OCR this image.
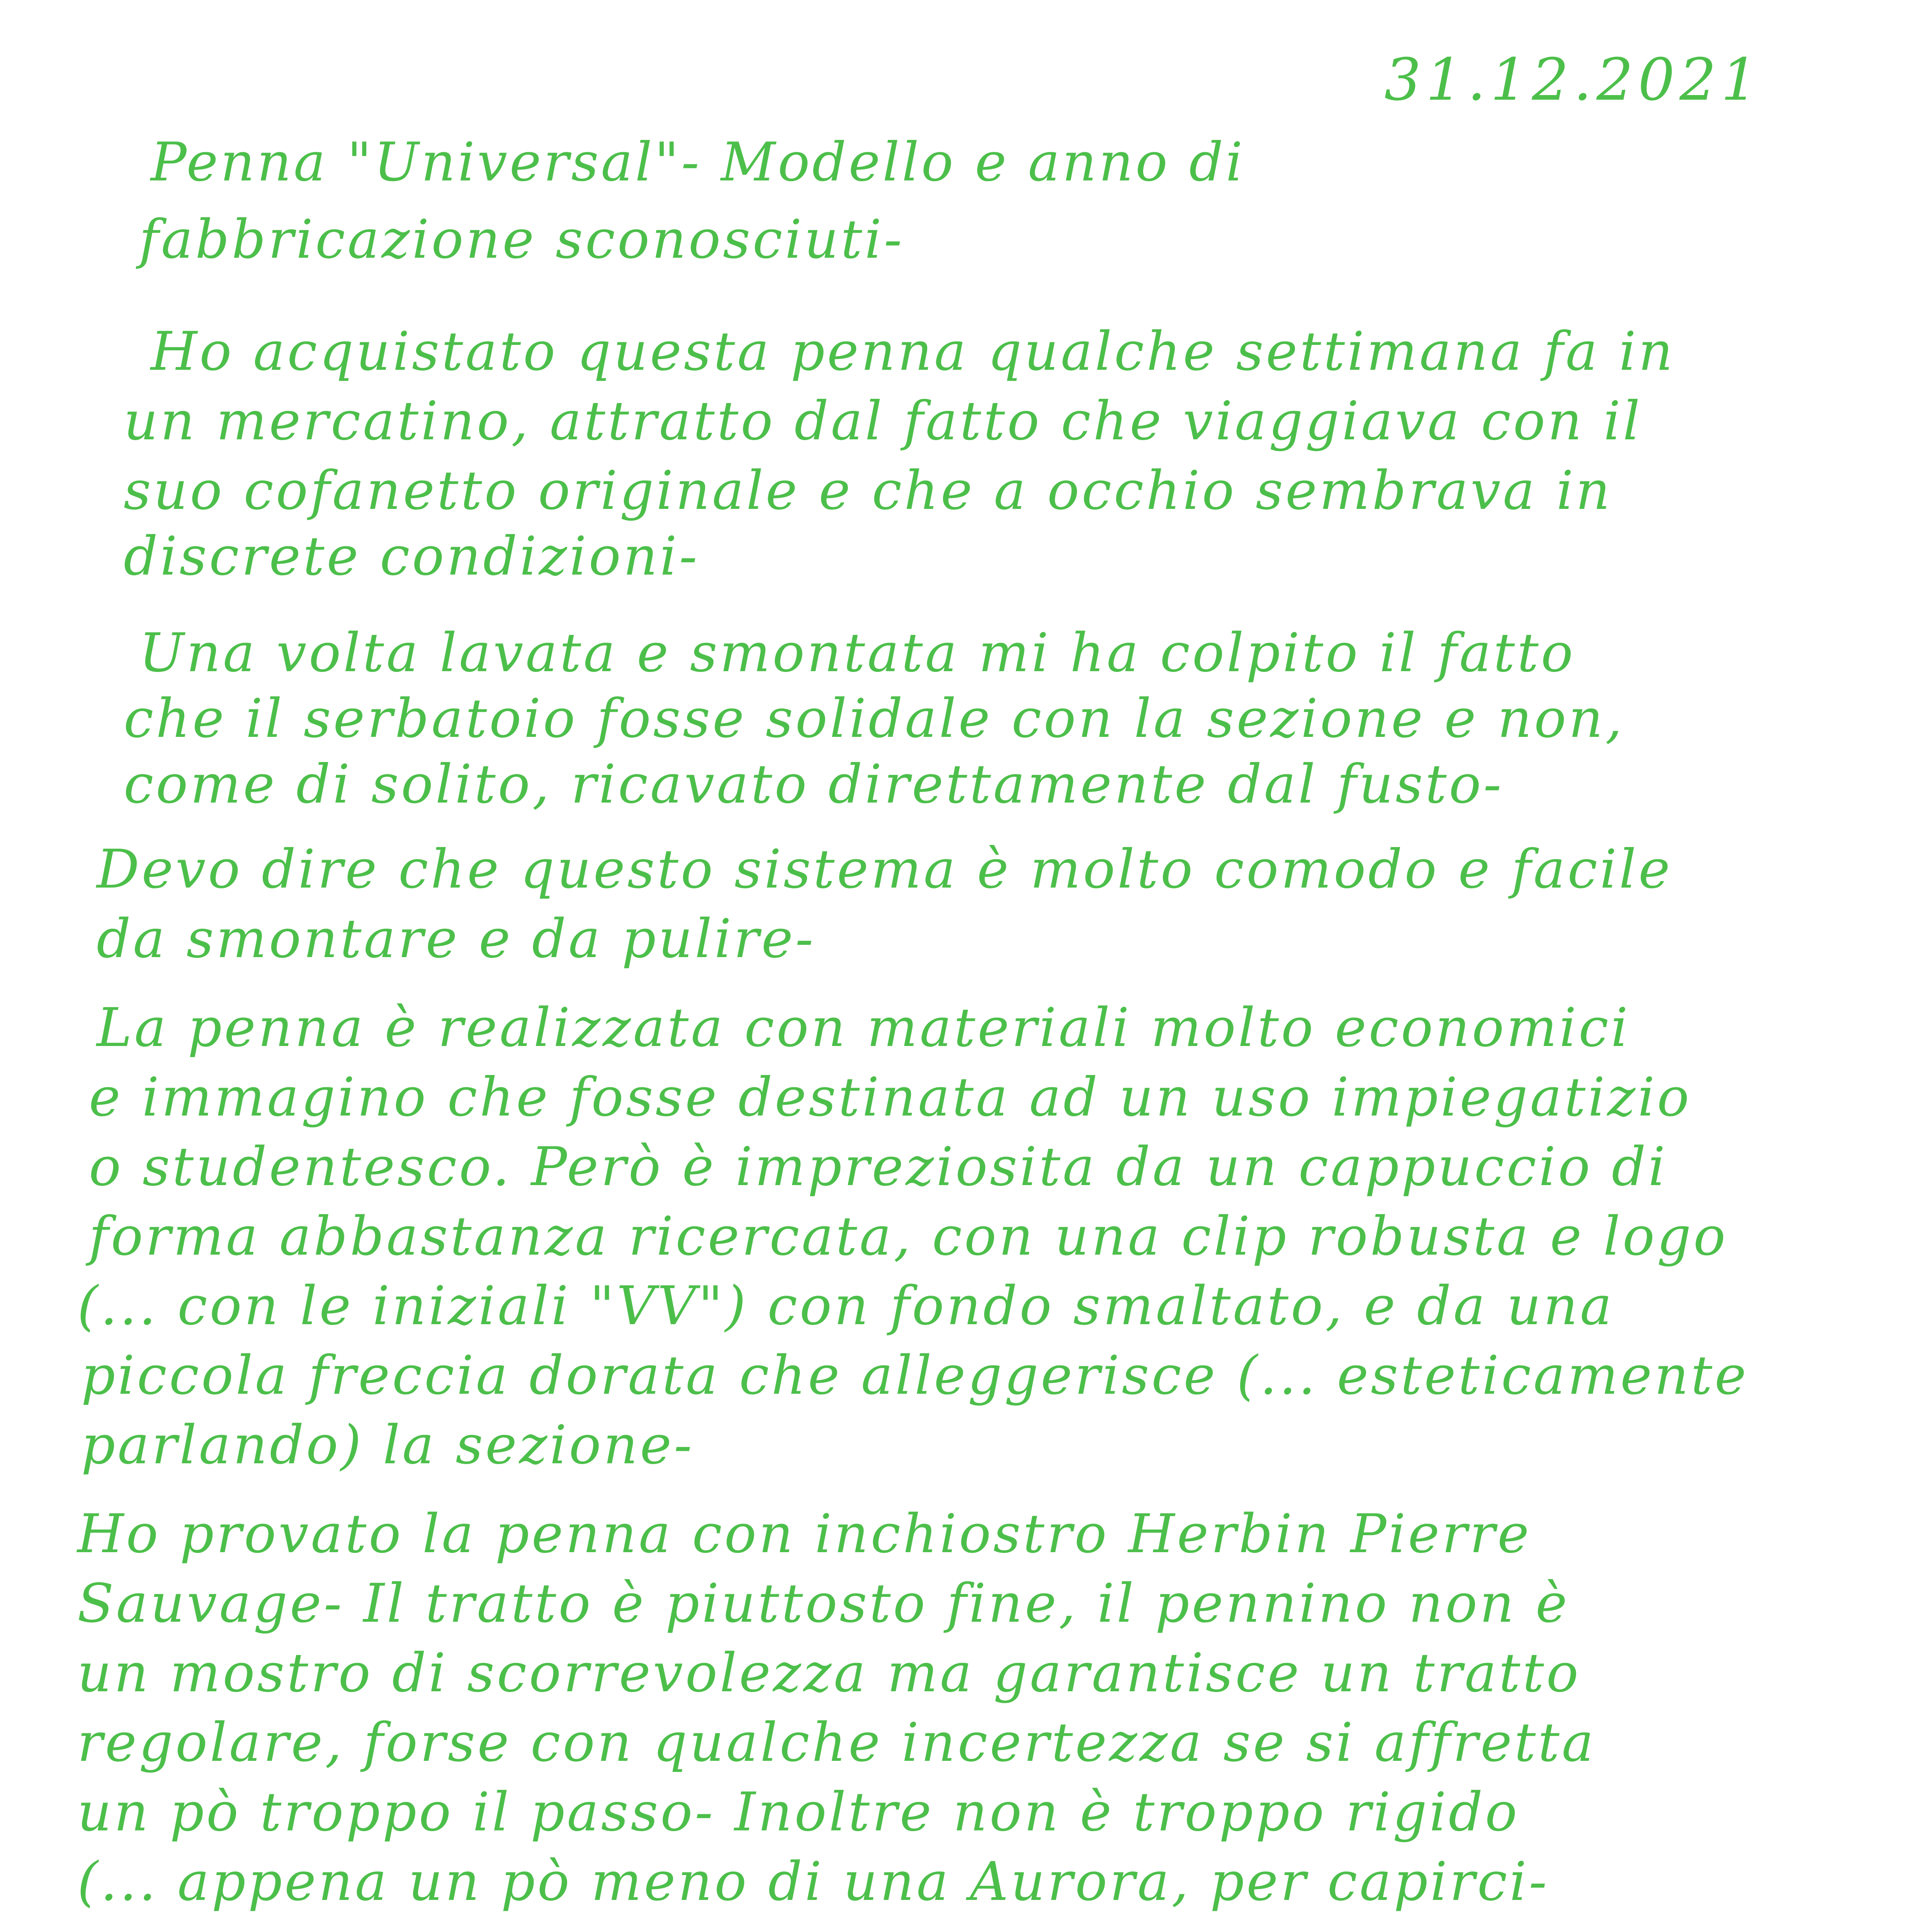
31.12.2021
Penna "Universal"- Modello e anno di
fabbricazione sconosciuti-
Ho acquistato questa penna qualche settimana fa in
un mercatino, attratto dal fatto che viaggiava con il
suo cofanetto originale e che a occhio sembrava in
discrete condizioni-
Una volta lavata e smontata mi ha colpito il fatto
che il serbatoio fosse solidale con la sezione e non,
come di solito, ricavato direttamente dal fusto-
Devo dire che questo sistema è molto comodo e facile
da smontare e da pulire-
La penna è realizzata con materiali molto economici
e immagino che fosse destinata ad un uso impiegatizio
o studentesco. Però è impreziosita da un cappuccio di
forma abbastanza ricercata, con una clip robusta e logo
(... con le iniziali "VV") con fondo smaltato, e da una
piccola freccia dorata che alleggerisce (... esteticamente
parlando) la sezione-
Ho provato la penna con inchiostro Herbin Pierre
Sauvage- Il tratto è piuttosto fine, il pennino non è
un mostro di scorrevolezza ma garantisce un tratto
regolare, forse con qualche incertezza se si affretta
un pò troppo il passo- Inoltre non è troppo rigido
(... appena un pò meno di una Aurora, per capirci-
